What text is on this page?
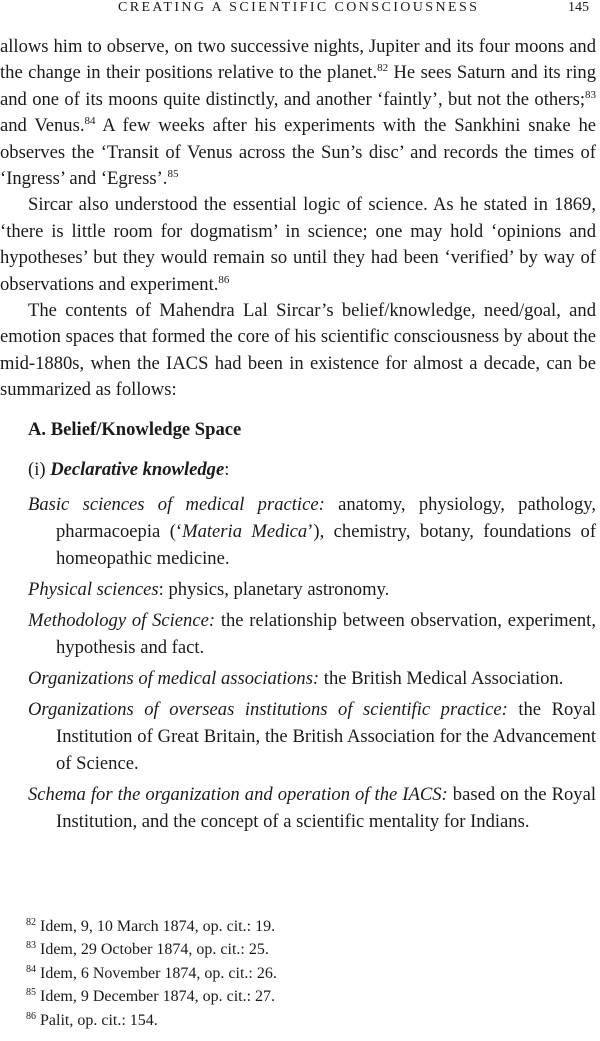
CREATING A SCIENTIFIC CONSCIOUSNESS	145

allows him to observe, on two successive nights, Jupiter and its four moons and the change in their positions relative to the planet.$^{82}$ He sees Saturn and its ring and one of its moons quite distinctly, and another ‘faintly’, but not the others;$^{83}$ and Venus.$^{84}$ A few weeks after his experiments with the Sankhini snake he observes the ‘Transit of Venus across the Sun’s disc’ and records the times of ‘Ingress’ and ‘Egress’.$^{85}$

Sircar also understood the essential logic of science. As he stated in 1869, ‘there is little room for dogmatism’ in science; one may hold ‘opinions and hypotheses’ but they would remain so until they had been ‘verified’ by way of observations and experiment.$^{86}$

The contents of Mahendra Lal Sircar’s belief/knowledge, need/goal, and emotion spaces that formed the core of his scientific consciousness by about the mid-1880s, when the IACS had been in existence for almost a decade, can be summarized as follows:

A. Belief/Knowledge Space
(i) Declarative knowledge:
Basic sciences of medical practice: anatomy, physiology, pathology, pharmacoepia (‘Materia Medica’), chemistry, botany, foundations of homeopathic medicine.
Physical sciences: physics, planetary astronomy.
Methodology of Science: the relationship between observation, experiment, hypothesis and fact.
Organizations of medical associations: the British Medical Association.
Organizations of overseas institutions of scientific practice: the Royal Institution of Great Britain, the British Association for the Advancement of Science.
Schema for the organization and operation of the IACS: based on the Royal Institution, and the concept of a scientific mentality for Indians.
$^{82}$ Idem, 9, 10 March 1874, op. cit.: 19.
$^{83}$ Idem, 29 October 1874, op. cit.: 25.
$^{84}$ Idem, 6 November 1874, op. cit.: 26.
$^{85}$ Idem, 9 December 1874, op. cit.: 27.
$^{86}$ Palit, op. cit.: 154.
